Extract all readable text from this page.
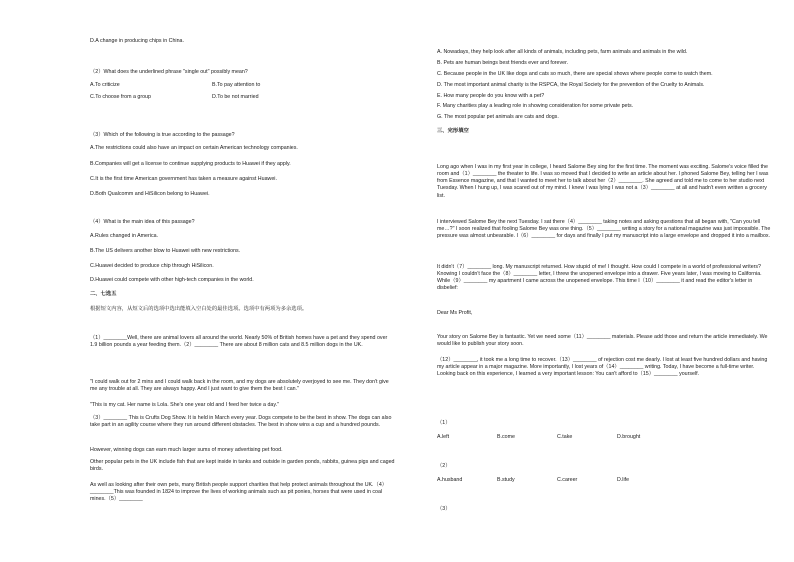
D.A change in producing chips in China.

（2）What does the underlined phrase "single out" possibly mean?

A.To criticize	B.To pay attention to
C.To choose from a group	D.To be not married

（3）Which of the following is true according to the passage?

A.The restrictions could also have an impact on certain American technology companies.

B.Companies will get a license to continue supplying products to Huawei if they apply.

C.It is the first time American government has taken a measure against Huawei.

D.Both Qualcomm and HiSilicon belong to Huawei.

（4）What is the main idea of this passage?

A.Rules changed in America.

B.The US delivers another blow to Huawei with new restrictions.

C.Huawei decided to produce chip through HiSilicon.

D.Huawei could compete with other high-tech companies in the world.

二、七选五

根据短文内容，从短文后的选项中选出能填入空白处的最佳选项。选项中有两项为多余选项。

（1）________Well, there are animal lovers all around the world. Nearly 50% of British homes have a pet and they spend over 1.9 billion pounds a year feeding them.（2）________ There are about 8 million cats and 8.5 million dogs in the UK.

"I could walk out for 2 mins and I could walk back in the room, and my dogs are absolutely overjoyed to see me. They don't give me any trouble at all. They are always happy. And I just want to give them the best I can."

"This is my cat. Her name is Lola. She's one year old and I feed her twice a day."

（3）________ This is Crufts Dog Show. It is held in March every year. Dogs compete to be the best in show. The dogs can also take part in an agility course where they run around different obstacles. The best in show wins a cup and a hundred pounds.

However, winning dogs can earn much larger sums of money advertising pet food.

Other popular pets in the UK include fish that are kept inside in tanks and outside in garden ponds, rabbits, guinea pigs and caged birds.

As well as looking after their own pets, many British people support charities that help protect animals throughout the UK.（4）________This was founded in 1824 to improve the lives of working animals such as pit ponies, horses that were used in coal mines.（5）________

A. Nowadays, they help look after all kinds of animals, including pets, farm animals and animals in the wild.

B. Pets are human beings best friends ever and forever.

C. Because people in the UK like dogs and cats so much, there are special shows where people come to watch them.

D. The most important animal charity is the RSPCA, the Royal Society for the prevention of the Cruelty to Animals.

E. How many people do you know with a pet?

F. Many charities play a leading role in showing consideration for some private pets.

G. The most popular pet animals are cats and dogs.

三、完形填空

Long ago when I was in my first year in college, I heard Salome Bey sing for the first time. The moment was exciting. Salome's voice filled the room and（1）________ the theater to life. I was so moved that I decided to write an article about her. I phoned Salome Bey, telling her I was from Essence magazine, and that I wanted to meet her to talk about her（2）________. She agreed and told me to come to her studio next Tuesday. When I hung up, I was scared out of my mind. I knew I was lying I was not a（3）________ at all and hadn't even written a grocery list.

I interviewed Salome Bey the next Tuesday. I sat there（4）________ taking notes and asking questions that all began with, "Can you tell me…?" I soon realized that fooling Salome Bey was one thing.（5）________ writing a story for a national magazine was just impossible. The pressure was almost unbearable. I（6）________ for days and finally I put my manuscript into a large envelope and dropped it into a mailbox.

It didn't（7）________ long. My manuscript returned. How stupid of me! I thought. How could I compete in a world of professional writers? Knowing I couldn't face the（8）________ letter, I threw the unopened envelope into a drawer. Five years later, I was moving to California. While（9）________ my apartment I came across the unopened envelope. This time I（10）________ it and read the editor's letter in disbelief:

Dear Ms Profit,

Your story on Salome Bey is fantastic. Yet we need some（11）________ materials. Please add those and return the article immediately. We would like to publish your story soon.

（12）________, it took me a long time to recover.（13）________ of rejection cost me dearly. I lost at least five hundred dollars and having my article appear in a major magazine. More importantly, I lost years of（14）________ writing. Today, I have become a full-time writer. Looking back on this experience, I learned a very important lesson: You can't afford to（15）________ yourself.

（1）
A.left	B.come	C.take	D.brought
（2）
A.husband	B.study	C.career	D.life
（3）
